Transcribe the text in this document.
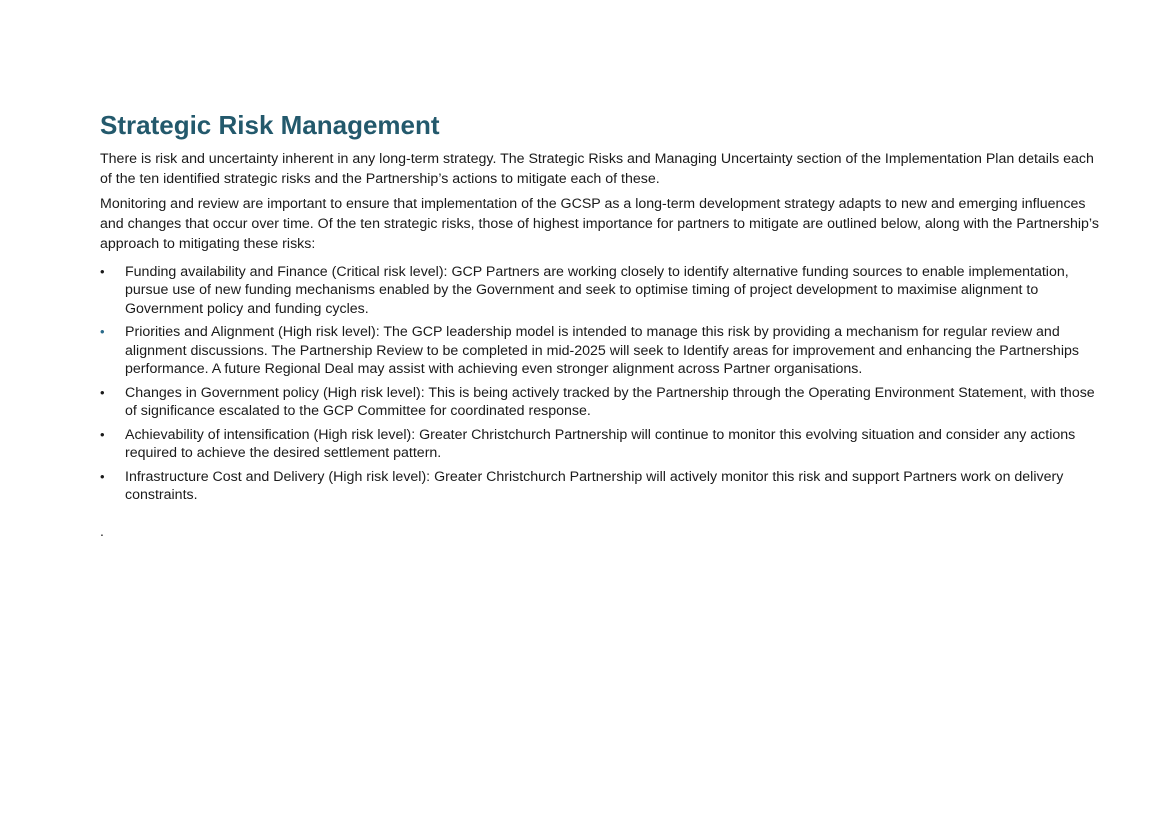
Strategic Risk Management

There is risk and uncertainty inherent in any long-term strategy. The Strategic Risks and Managing Uncertainty section of the Implementation Plan details each of the ten identified strategic risks and the Partnership’s actions to mitigate each of these.

Monitoring and review are important to ensure that implementation of the GCSP as a long-term development strategy adapts to new and emerging influences and changes that occur over time. Of the ten strategic risks, those of highest importance for partners to mitigate are outlined below, along with the Partnership’s approach to mitigating these risks:

•	Funding availability and Finance (Critical risk level): GCP Partners are working closely to identify alternative funding sources to enable implementation, pursue use of new funding mechanisms enabled by the Government and seek to optimise timing of project development to maximise alignment to Government policy and funding cycles.
•	Priorities and Alignment (High risk level): The GCP leadership model is intended to manage this risk by providing a mechanism for regular review and alignment discussions. The Partnership Review to be completed in mid-2025 will seek to Identify areas for improvement and enhancing the Partnerships performance. A future Regional Deal may assist with achieving even stronger alignment across Partner organisations.
•	Changes in Government policy (High risk level): This is being actively tracked by the Partnership through the Operating Environment Statement, with those of significance escalated to the GCP Committee for coordinated response.
•	Achievability of intensification (High risk level): Greater Christchurch Partnership will continue to monitor this evolving situation and consider any actions required to achieve the desired settlement pattern.
•	Infrastructure Cost and Delivery (High risk level): Greater Christchurch Partnership will actively monitor this risk and support Partners work on delivery constraints.
.
